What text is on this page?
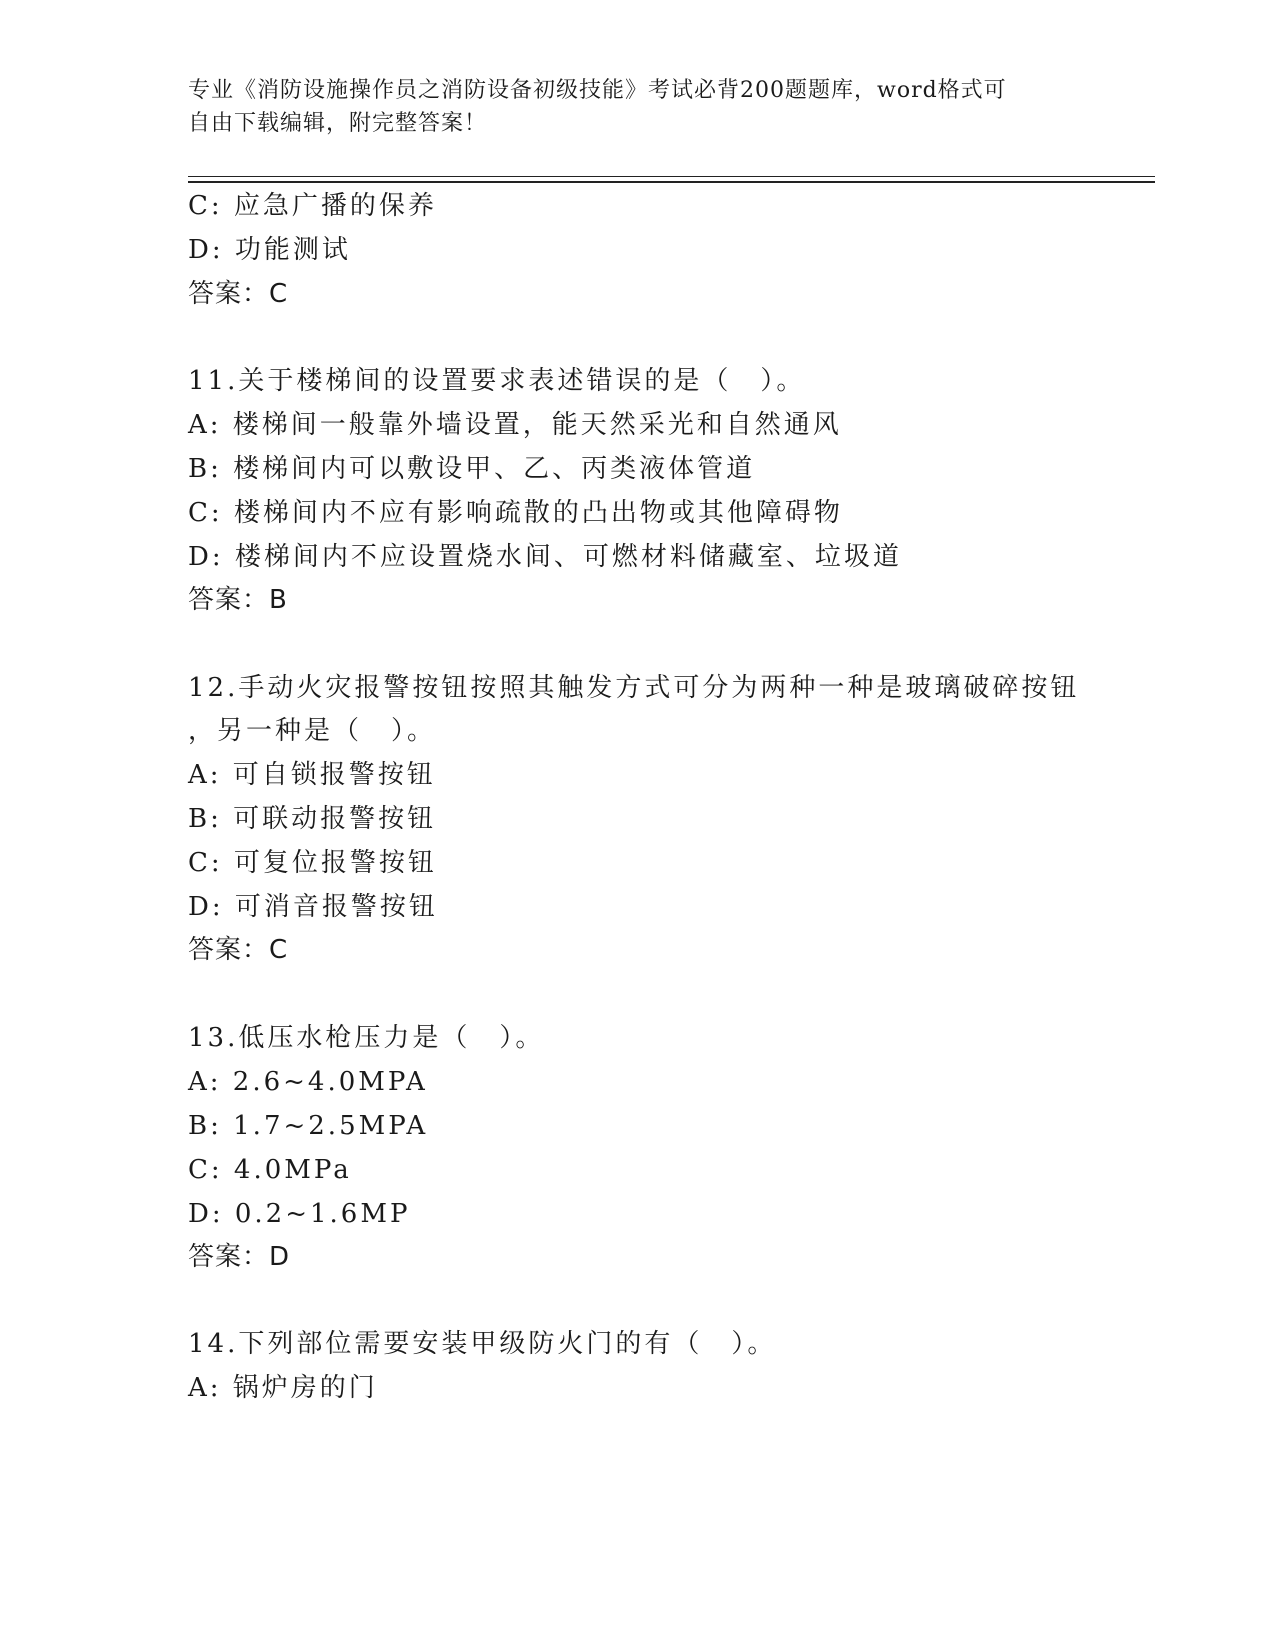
专业《消防设施操作员之消防设备初级技能》考试必背200题题库，word格式可
自由下载编辑，附完整答案！
C: 应急广播的保养
D: 功能测试
答案：C
11.关于楼梯间的设置要求表述错误的是（　）。
A: 楼梯间一般靠外墙设置，能天然采光和自然通风
B: 楼梯间内可以敷设甲、乙、丙类液体管道
C: 楼梯间内不应有影响疏散的凸出物或其他障碍物
D: 楼梯间内不应设置烧水间、可燃材料储藏室、垃圾道
答案：B
12.手动火灾报警按钮按照其触发方式可分为两种一种是玻璃破碎按钮
，另一种是（　）。
A: 可自锁报警按钮
B: 可联动报警按钮
C: 可复位报警按钮
D: 可消音报警按钮
答案：C
13.低压水枪压力是（　）。
A: 2.6~4.0MPA
B: 1.7~2.5MPA
C: 4.0MPa
D: 0.2~1.6MP
答案：D
14.下列部位需要安装甲级防火门的有（　）。
A: 锅炉房的门
